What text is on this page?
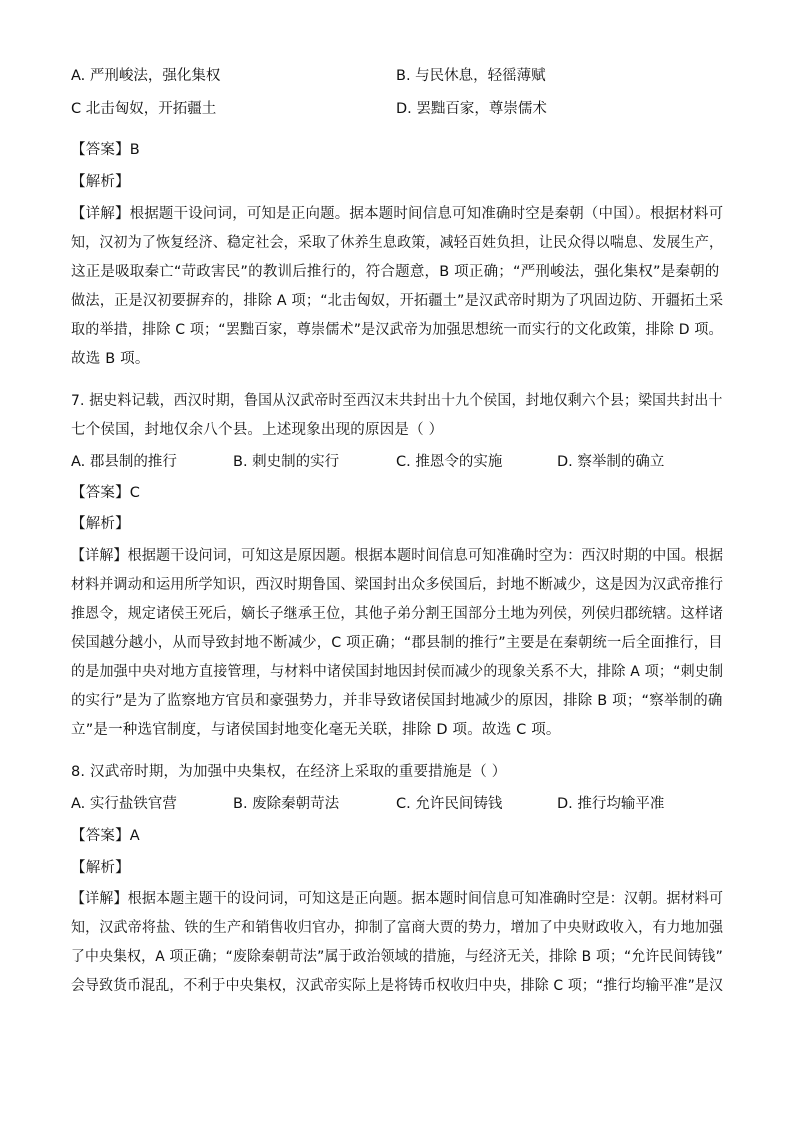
A. 严刑峻法，强化集权	B. 与民休息，轻徭薄赋
C 北击匈奴，开拓疆土	D. 罢黜百家，尊崇儒术
【答案】B
【解析】
【详解】根据题干设问词，可知是正向题。据本题时间信息可知准确时空是秦朝（中国）。根据材料可
知，汉初为了恢复经济、稳定社会，采取了休养生息政策，减轻百姓负担，让民众得以喘息、发展生产，
这正是吸取秦亡“苛政害民”的教训后推行的，符合题意，B 项正确；“严刑峻法，强化集权”是秦朝的
做法，正是汉初要摒弃的，排除 A 项；“北击匈奴，开拓疆土”是汉武帝时期为了巩固边防、开疆拓土采
取的举措，排除 C 项；“罢黜百家，尊崇儒术”是汉武帝为加强思想统一而实行的文化政策，排除 D 项。
故选 B 项。
7. 据史料记载，西汉时期，鲁国从汉武帝时至西汉末共封出十九个侯国，封地仅剩六个县；梁国共封出十
七个侯国，封地仅余八个县。上述现象出现的原因是（ ）
A. 郡县制的推行	B. 刺史制的实行	C. 推恩令的实施	D. 察举制的确立
【答案】C
【解析】
【详解】根据题干设问词，可知这是原因题。根据本题时间信息可知准确时空为：西汉时期的中国。根据
材料并调动和运用所学知识，西汉时期鲁国、梁国封出众多侯国后，封地不断减少，这是因为汉武帝推行
推恩令，规定诸侯王死后，嫡长子继承王位，其他子弟分割王国部分土地为列侯，列侯归郡统辖。这样诸
侯国越分越小，从而导致封地不断减少，C 项正确；“郡县制的推行”主要是在秦朝统一后全面推行，目
的是加强中央对地方直接管理，与材料中诸侯国封地因封侯而减少的现象关系不大，排除 A 项；“刺史制
的实行”是为了监察地方官员和豪强势力，并非导致诸侯国封地减少的原因，排除 B 项；“察举制的确
立”是一种选官制度，与诸侯国封地变化毫无关联，排除 D 项。故选 C 项。
8. 汉武帝时期，为加强中央集权，在经济上采取的重要措施是（ ）
A. 实行盐铁官营	B. 废除秦朝苛法	C. 允许民间铸钱	D. 推行均输平准
【答案】A
【解析】
【详解】根据本题主题干的设问词，可知这是正向题。据本题时间信息可知准确时空是：汉朝。据材料可
知，汉武帝将盐、铁的生产和销售收归官办，抑制了富商大贾的势力，增加了中央财政收入，有力地加强
了中央集权，A 项正确；“废除秦朝苛法”属于政治领域的措施，与经济无关，排除 B 项；“允许民间铸钱”
会导致货币混乱，不利于中央集权，汉武帝实际上是将铸币权收归中央，排除 C 项；“推行均输平准”是汉
